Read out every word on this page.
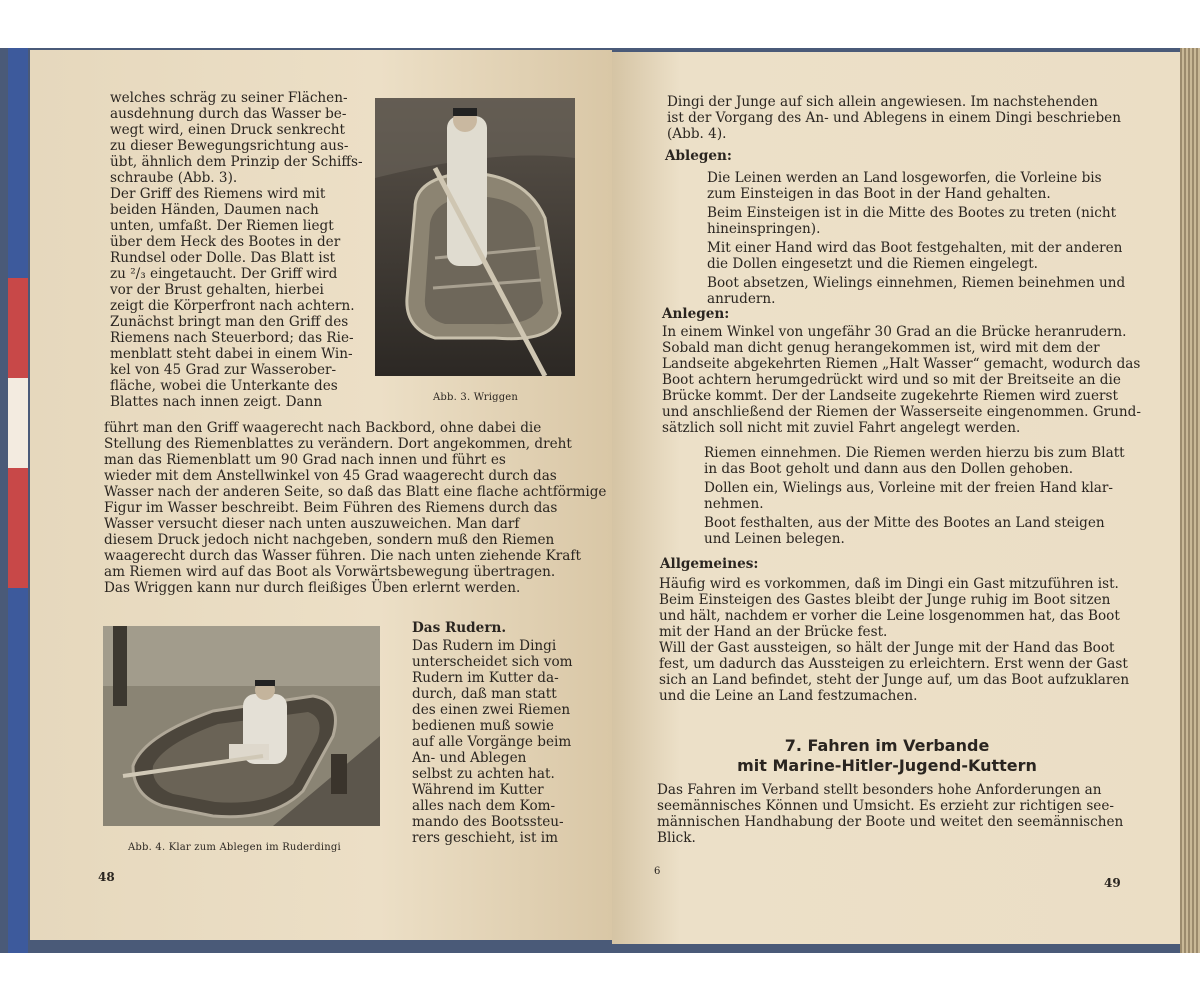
welches schräg zu seiner Flächen-
ausdehnung durch das Wasser be-
wegt wird, einen Druck senkrecht
zu dieser Bewegungsrichtung aus-
übt, ähnlich dem Prinzip der Schiffs-
schraube (Abb. 3).
Der Griff des Riemens wird mit
beiden Händen, Daumen nach
unten, umfaßt. Der Riemen liegt
über dem Heck des Bootes in der
Rundsel oder Dolle. Das Blatt ist
zu ²/₃ eingetaucht. Der Griff wird
vor der Brust gehalten, hierbei
zeigt die Körperfront nach achtern.
Zunächst bringt man den Griff des
Riemens nach Steuerbord; das Rie-
menblatt steht dabei in einem Win-
kel von 45 Grad zur Wasserober-
fläche, wobei die Unterkante des
Blattes nach innen zeigt. Dann	Abb. 3. Wriggen
führt man den Griff waagerecht nach Backbord, ohne dabei die
Stellung des Riemenblattes zu verändern. Dort angekommen, dreht
man das Riemenblatt um 90 Grad nach innen und führt es
wieder mit dem Anstellwinkel von 45 Grad waagerecht durch das
Wasser nach der anderen Seite, so daß das Blatt eine flache achtförmige
Figur im Wasser beschreibt. Beim Führen des Riemens durch das
Wasser versucht dieser nach unten auszuweichen. Man darf
diesem Druck jedoch nicht nachgeben, sondern muß den Riemen
waagerecht durch das Wasser führen. Die nach unten ziehende Kraft
am Riemen wird auf das Boot als Vorwärtsbewegung übertragen.
Das Wriggen kann nur durch fleißiges Üben erlernt werden.
Abb. 4. Klar zum Ablegen im Ruderdingi
Das Rudern.
Das Rudern im Dingi
unterscheidet sich vom
Rudern im Kutter da-
durch, daß man statt
des einen zwei Riemen
bedienen muß sowie
auf alle Vorgänge beim
An- und Ablegen
selbst zu achten hat.
Während im Kutter
alles nach dem Kom-
mando des Bootssteu-
rers geschieht, ist im
48
Dingi der Junge auf sich allein angewiesen. Im nachstehenden
ist der Vorgang des An- und Ablegens in einem Dingi beschrieben
(Abb. 4).
Ablegen:
Die Leinen werden an Land losgeworfen, die Vorleine bis
zum Einsteigen in das Boot in der Hand gehalten.
Beim Einsteigen ist in die Mitte des Bootes zu treten (nicht
hineinspringen).
Mit einer Hand wird das Boot festgehalten, mit der anderen
die Dollen eingesetzt und die Riemen eingelegt.
Boot absetzen, Wielings einnehmen, Riemen beinehmen und
anrudern.
Anlegen:
In einem Winkel von ungefähr 30 Grad an die Brücke heranrudern.
Sobald man dicht genug herangekommen ist, wird mit dem der
Landseite abgekehrten Riemen „Halt Wasser“ gemacht, wodurch das
Boot achtern herumgedrückt wird und so mit der Breitseite an die
Brücke kommt. Der der Landseite zugekehrte Riemen wird zuerst
und anschließend der Riemen der Wasserseite eingenommen. Grund-
sätzlich soll nicht mit zuviel Fahrt angelegt werden.
Riemen einnehmen. Die Riemen werden hierzu bis zum Blatt
in das Boot geholt und dann aus den Dollen gehoben.
Dollen ein, Wielings aus, Vorleine mit der freien Hand klar-
nehmen.
Boot festhalten, aus der Mitte des Bootes an Land steigen
und Leinen belegen.
Allgemeines:
Häufig wird es vorkommen, daß im Dingi ein Gast mitzuführen ist.
Beim Einsteigen des Gastes bleibt der Junge ruhig im Boot sitzen
und hält, nachdem er vorher die Leine losgenommen hat, das Boot
mit der Hand an der Brücke fest.
Will der Gast aussteigen, so hält der Junge mit der Hand das Boot
fest, um dadurch das Aussteigen zu erleichtern. Erst wenn der Gast
sich an Land befindet, steht der Junge auf, um das Boot aufzuklaren
und die Leine an Land festzumachen.
7. Fahren im Verbande
mit Marine-Hitler-Jugend-Kuttern
Das Fahren im Verband stellt besonders hohe Anforderungen an
seemännisches Können und Umsicht. Es erzieht zur richtigen see-
männischen Handhabung der Boote und weitet den seemännischen
Blick.
6
49
